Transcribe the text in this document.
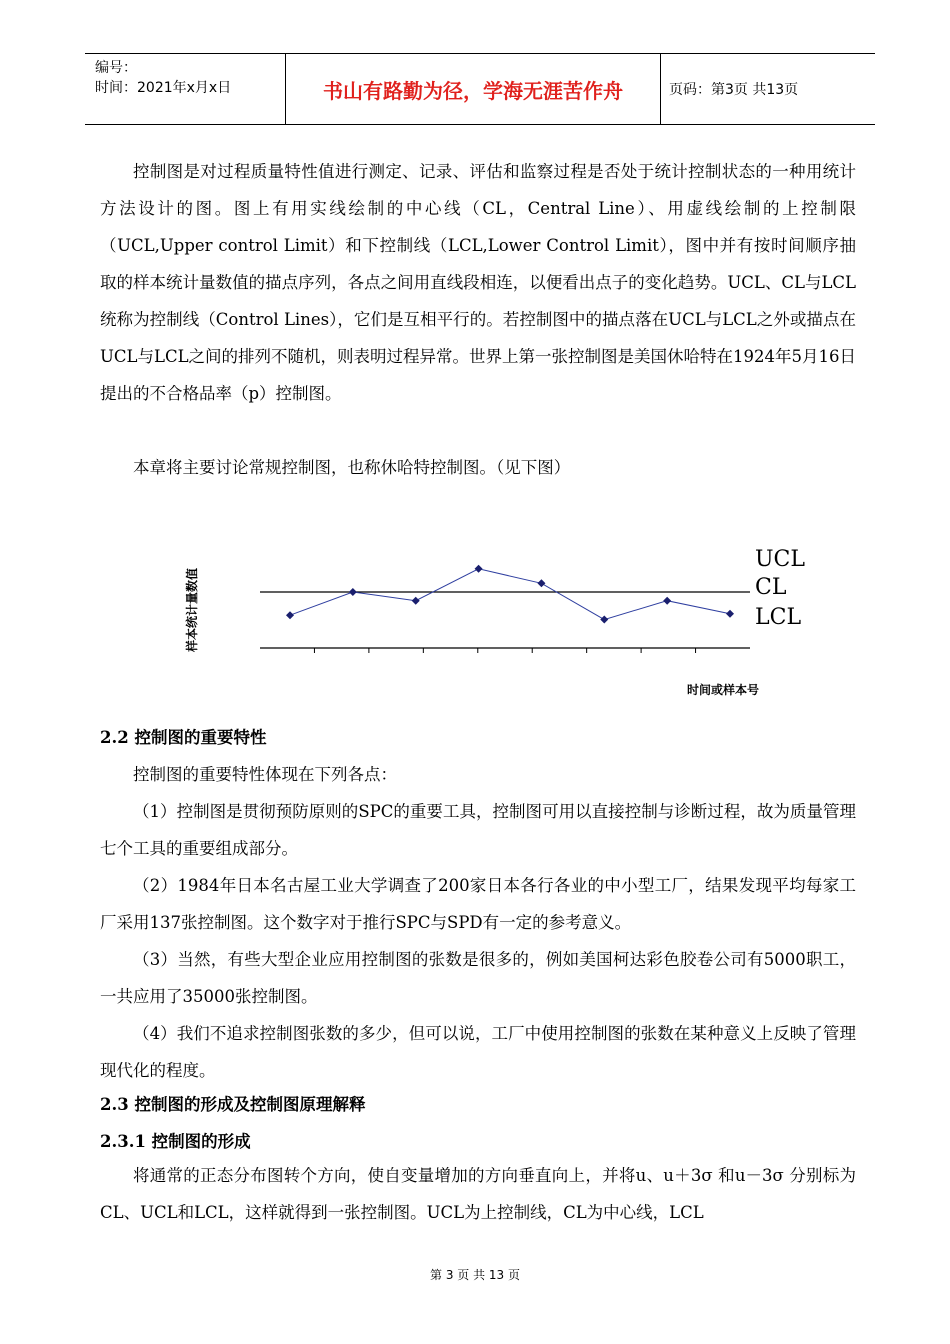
编号：
时间：2021年x月x日	书山有路勤为径，学海无涯苦作舟	页码：第3页 共13页
控制图是对过程质量特性值进行测定、记录、评估和监察过程是否处于统计控制状态的一种用统计方法设计的图。图上有用实线绘制的中心线（CL，Central Line）、用虚线绘制的上控制限（UCL,Upper control Limit）和下控制线（LCL,Lower Control Limit），图中并有按时间顺序抽取的样本统计量数值的描点序列，各点之间用直线段相连，以便看出点子的变化趋势。UCL、CL与LCL统称为控制线（Control Lines），它们是互相平行的。若控制图中的描点落在UCL与LCL之外或描点在UCL与LCL之间的排列不随机，则表明过程异常。世界上第一张控制图是美国休哈特在1924年5月16日提出的不合格品率（p）控制图。
本章将主要讨论常规控制图，也称休哈特控制图。（见下图）
样本统计量数值
UCL
CL
LCL
时间或样本号
2.2 控制图的重要特性
控制图的重要特性体现在下列各点：
（1）控制图是贯彻预防原则的SPC的重要工具，控制图可用以直接控制与诊断过程，故为质量管理七个工具的重要组成部分。
（2）1984年日本名古屋工业大学调查了200家日本各行各业的中小型工厂，结果发现平均每家工厂采用137张控制图。这个数字对于推行SPC与SPD有一定的参考意义。
（3）当然，有些大型企业应用控制图的张数是很多的，例如美国柯达彩色胶卷公司有5000职工，一共应用了35000张控制图。
（4）我们不追求控制图张数的多少，但可以说，工厂中使用控制图的张数在某种意义上反映了管理现代化的程度。
2.3 控制图的形成及控制图原理解释
2.3.1 控制图的形成
将通常的正态分布图转个方向，使自变量增加的方向垂直向上，并将u、u＋3σ 和u－3σ 分别标为CL、UCL和LCL，这样就得到一张控制图。UCL为上控制线，CL为中心线，LCL
第 3 页 共 13 页
